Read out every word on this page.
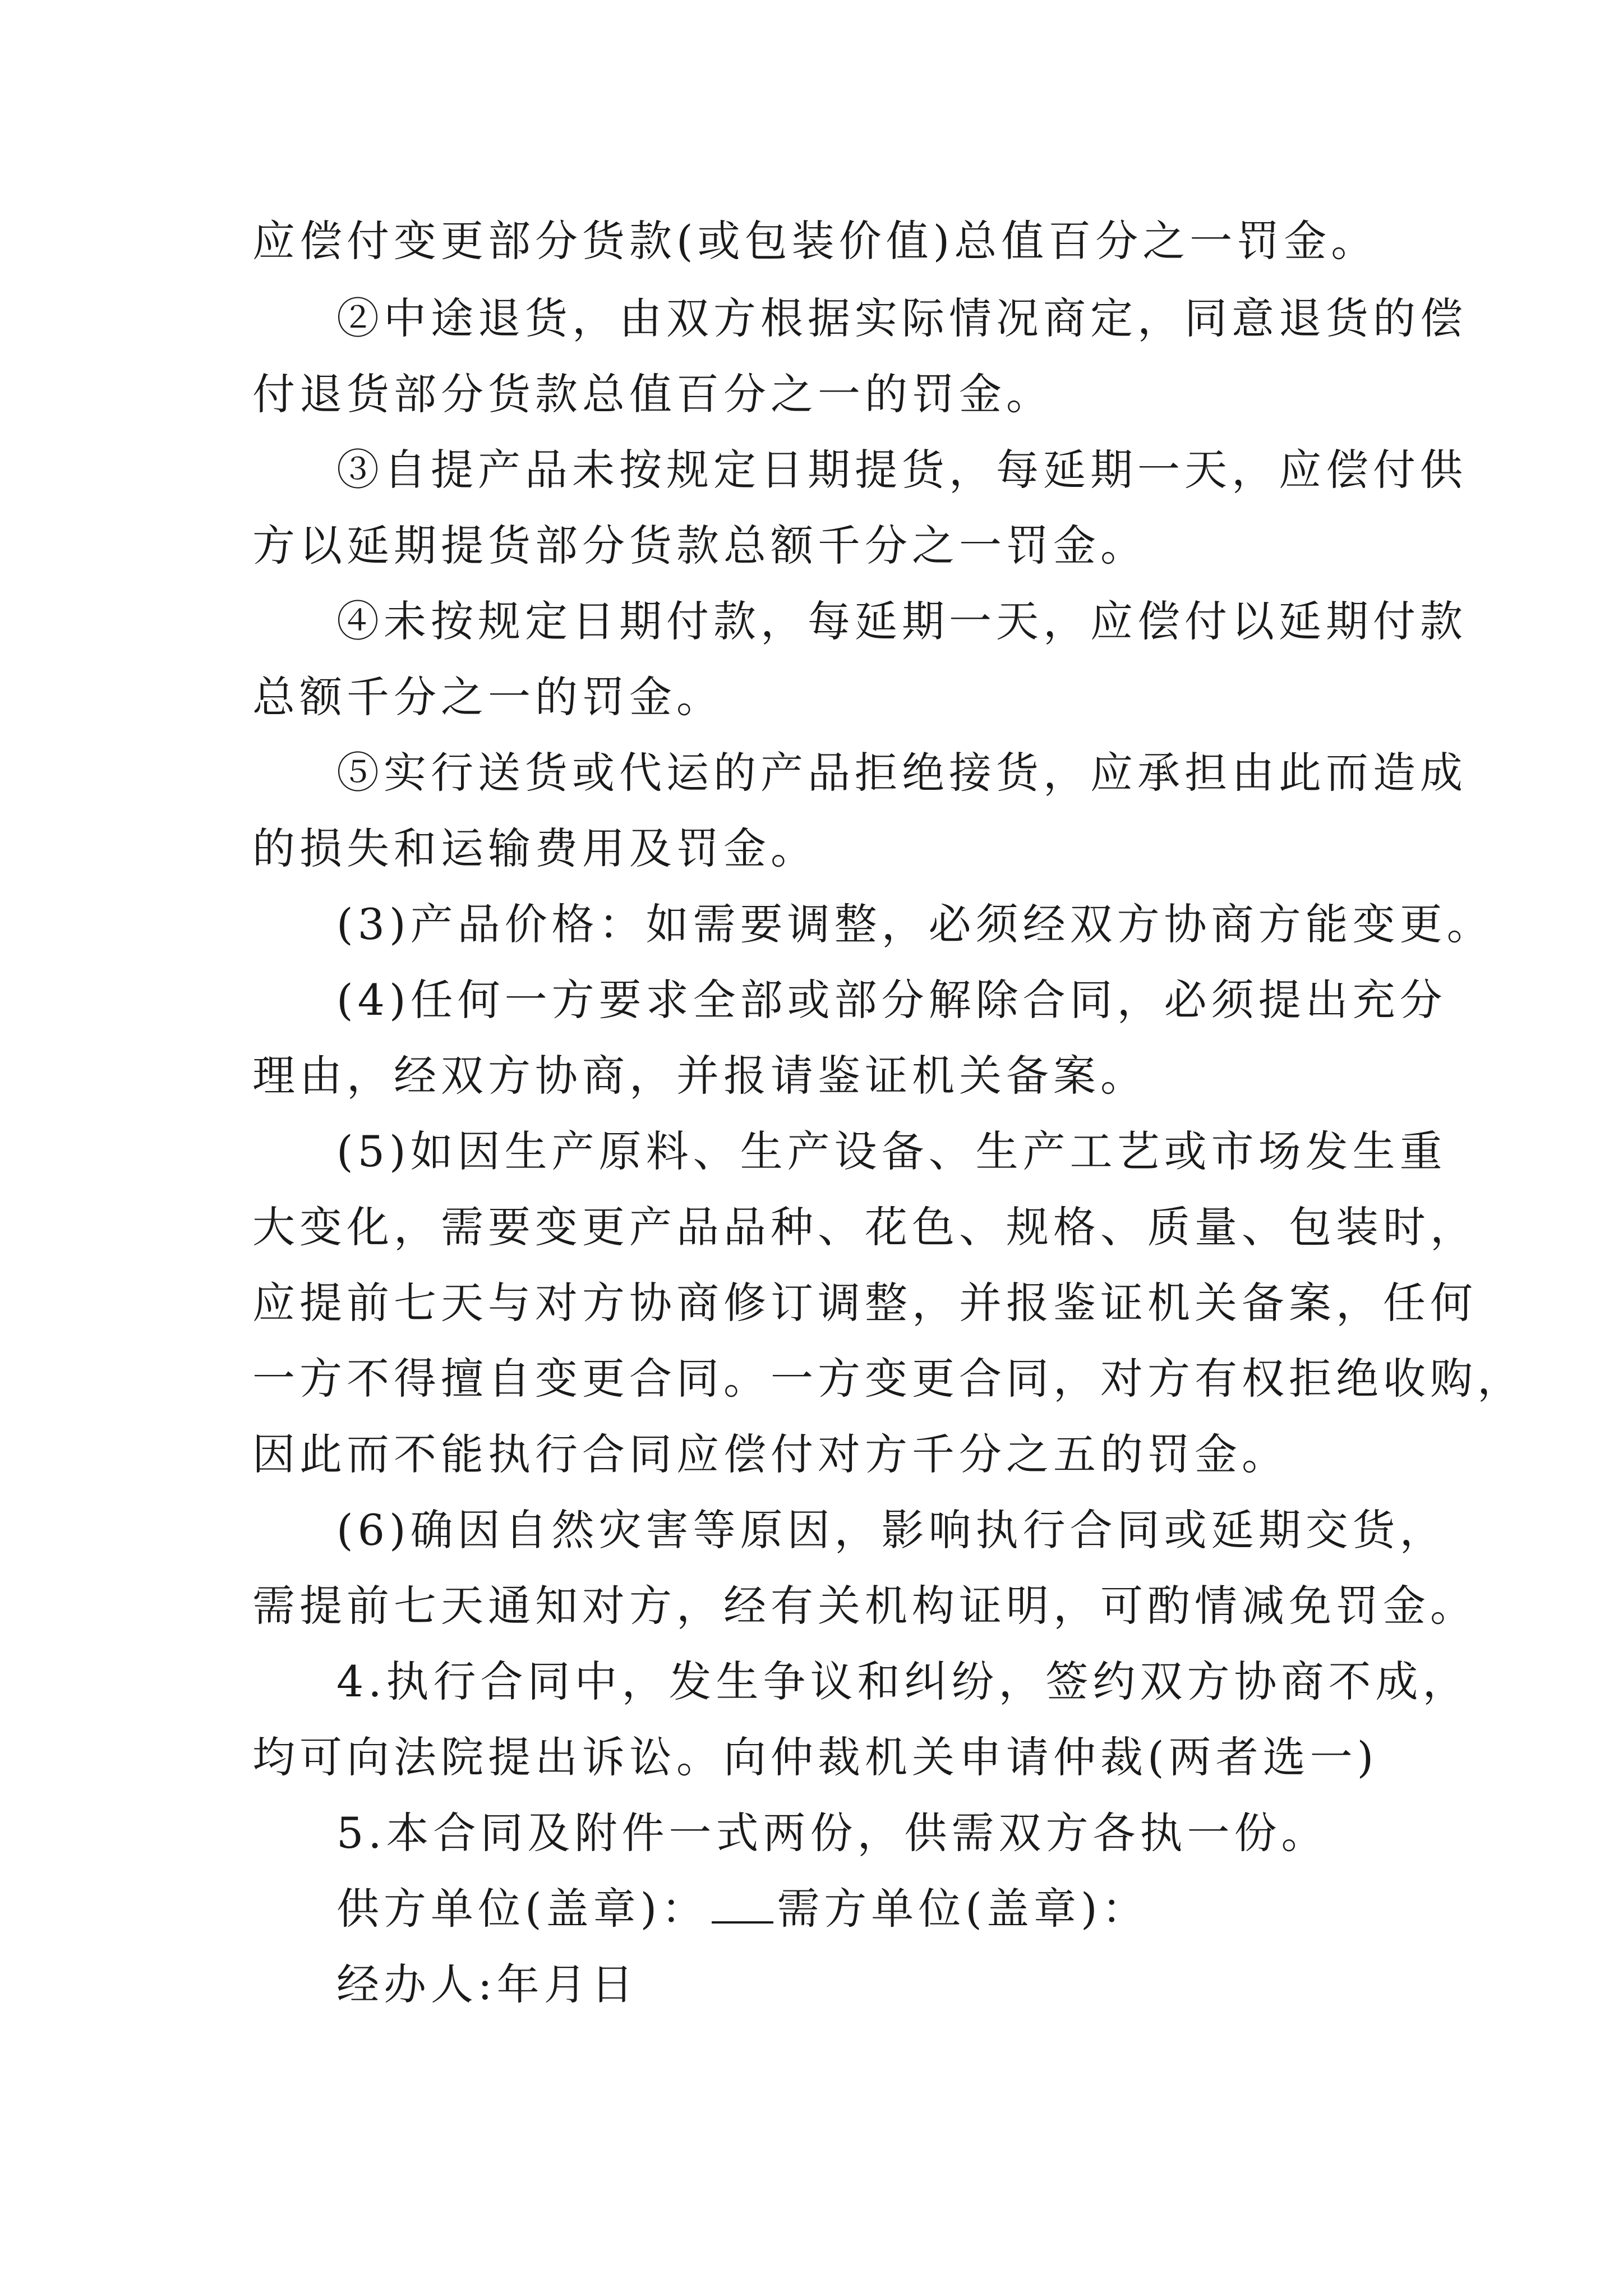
应偿付变更部分货款(或包装价值)总值百分之一罚金。

②中途退货，由双方根据实际情况商定，同意退货的偿

付退货部分货款总值百分之一的罚金。

③自提产品未按规定日期提货，每延期一天，应偿付供

方以延期提货部分货款总额千分之一罚金。

④未按规定日期付款，每延期一天，应偿付以延期付款

总额千分之一的罚金。

⑤实行送货或代运的产品拒绝接货，应承担由此而造成

的损失和运输费用及罚金。

(3)产品价格：如需要调整，必须经双方协商方能变更。

(4)任何一方要求全部或部分解除合同，必须提出充分

理由，经双方协商，并报请鉴证机关备案。

(5)如因生产原料、生产设备、生产工艺或市场发生重

大变化，需要变更产品品种、花色、规格、质量、包装时，

应提前七天与对方协商修订调整，并报鉴证机关备案，任何

一方不得擅自变更合同。一方变更合同，对方有权拒绝收购，

因此而不能执行合同应偿付对方千分之五的罚金。

(6)确因自然灾害等原因，影响执行合同或延期交货，

需提前七天通知对方，经有关机构证明，可酌情减免罚金。

4.执行合同中，发生争议和纠纷，签约双方协商不成，

均可向法院提出诉讼。向仲裁机关申请仲裁(两者选一)

5.本合同及附件一式两份，供需双方各执一份。

供方单位(盖章)： 需方单位(盖章)：

经办人:年月日
